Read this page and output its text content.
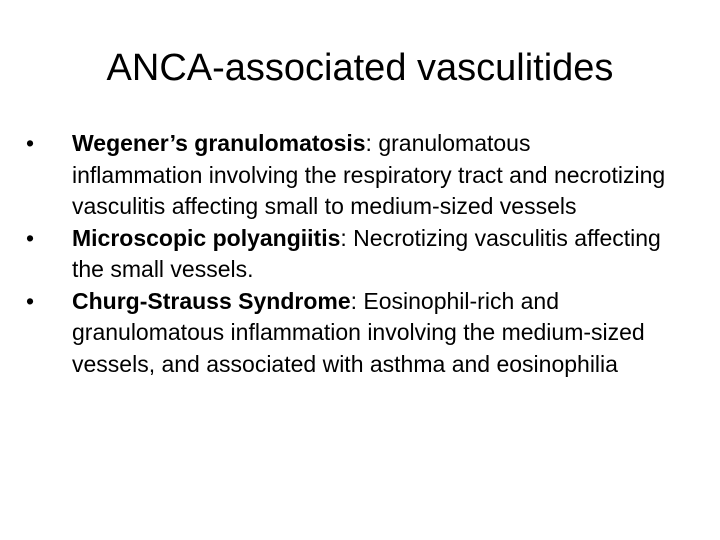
ANCA-associated vasculitides
•	Wegener’s granulomatosis: granulomatous inflammation involving the respiratory tract and necrotizing vasculitis affecting small to medium-sized vessels
•	Microscopic polyangiitis: Necrotizing vasculitis affecting the small vessels.
•	Churg-Strauss Syndrome: Eosinophil-rich and granulomatous inflammation involving the medium-sized vessels, and associated with asthma and eosinophilia
